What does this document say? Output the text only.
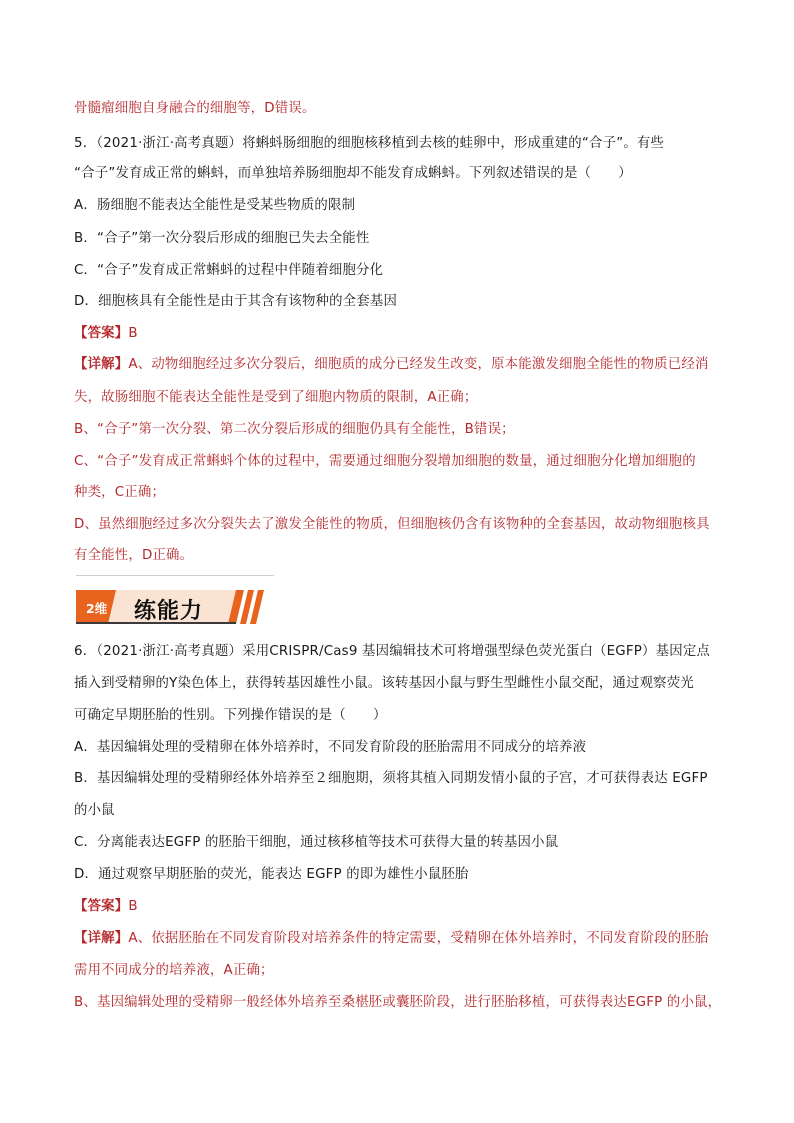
骨髓瘤细胞自身融合的细胞等，D错误。
5．（2021·浙江·高考真题）将蝌蚪肠细胞的细胞核移植到去核的蛙卵中，形成重建的“合子”。有些
“合子”发育成正常的蝌蚪，而单独培养肠细胞却不能发育成蝌蚪。下列叙述错误的是（　　）
A．肠细胞不能表达全能性是受某些物质的限制
B．“合子”第一次分裂后形成的细胞已失去全能性
C．“合子”发育成正常蝌蚪的过程中伴随着细胞分化
D．细胞核具有全能性是由于其含有该物种的全套基因
【答案】B
【详解】A、动物细胞经过多次分裂后，细胞质的成分已经发生改变，原本能激发细胞全能性的物质已经消
失，故肠细胞不能表达全能性是受到了细胞内物质的限制，A正确；
B、“合子”第一次分裂、第二次分裂后形成的细胞仍具有全能性，B错误；
C、“合子”发育成正常蝌蚪个体的过程中，需要通过细胞分裂增加细胞的数量，通过细胞分化增加细胞的
种类，C正确；
D、虽然细胞经过多次分裂失去了激发全能性的物质，但细胞核仍含有该物种的全套基因，故动物细胞核具
有全能性，D正确。
2维 练能力
6．（2021·浙江·高考真题）采用CRISPR/Cas9 基因编辑技术可将增强型绿色荧光蛋白（EGFP）基因定点
插入到受精卵的Y染色体上，获得转基因雄性小鼠。该转基因小鼠与野生型雌性小鼠交配，通过观察荧光
可确定早期胚胎的性别。下列操作错误的是（　　）
A．基因编辑处理的受精卵在体外培养时，不同发育阶段的胚胎需用不同成分的培养液
B．基因编辑处理的受精卵经体外培养至２细胞期，须将其植入同期发情小鼠的子宫，才可获得表达 EGFP
的小鼠
C．分离能表达EGFP 的胚胎干细胞，通过核移植等技术可获得大量的转基因小鼠
D．通过观察早期胚胎的荧光，能表达 EGFP 的即为雄性小鼠胚胎
【答案】B
【详解】A、依据胚胎在不同发育阶段对培养条件的特定需要，受精卵在体外培养时，不同发育阶段的胚胎
需用不同成分的培养液，A正确；
B、基因编辑处理的受精卵一般经体外培养至桑椹胚或囊胚阶段，进行胚胎移植，可获得表达EGFP 的小鼠，
